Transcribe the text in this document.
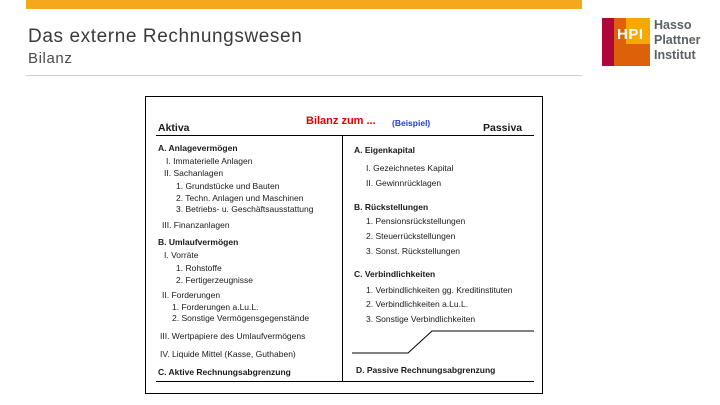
Das externe Rechnungswesen
Bilanz
HPI
Hasso
Plattner
Institut
Aktiva
Bilanz zum ... (Beispiel)	Passiva
A. Anlagevermögen
I. Immaterielle Anlagen
II. Sachanlagen
1. Grundstücke und Bauten
2. Techn. Anlagen und Maschinen
3. Betriebs- u. Geschäftsausstattung
III. Finanzanlagen
B. Umlaufvermögen
I. Vorräte
1. Rohstoffe
2. Fertigerzeugnisse
II. Forderungen
1. Forderungen a.Lu.L.
2. Sonstige Vermögensgegenstände
III. Wertpapiere des Umlaufvermögens
IV. Liquide Mittel (Kasse, Guthaben)
C. Aktive Rechnungsabgrenzung
A. Eigenkapital
I. Gezeichnetes Kapital
II. Gewinnrücklagen
B. Rückstellungen
1. Pensionsrückstellungen
2. Steuerrückstellungen
3. Sonst. Rückstellungen
C. Verbindlichkeiten
1. Verbindlichkeiten gg. Kreditinstituten
2. Verbindlichkeiten a.Lu.L.
3. Sonstige Verbindlichkeiten
D. Passive Rechnungsabgrenzung
